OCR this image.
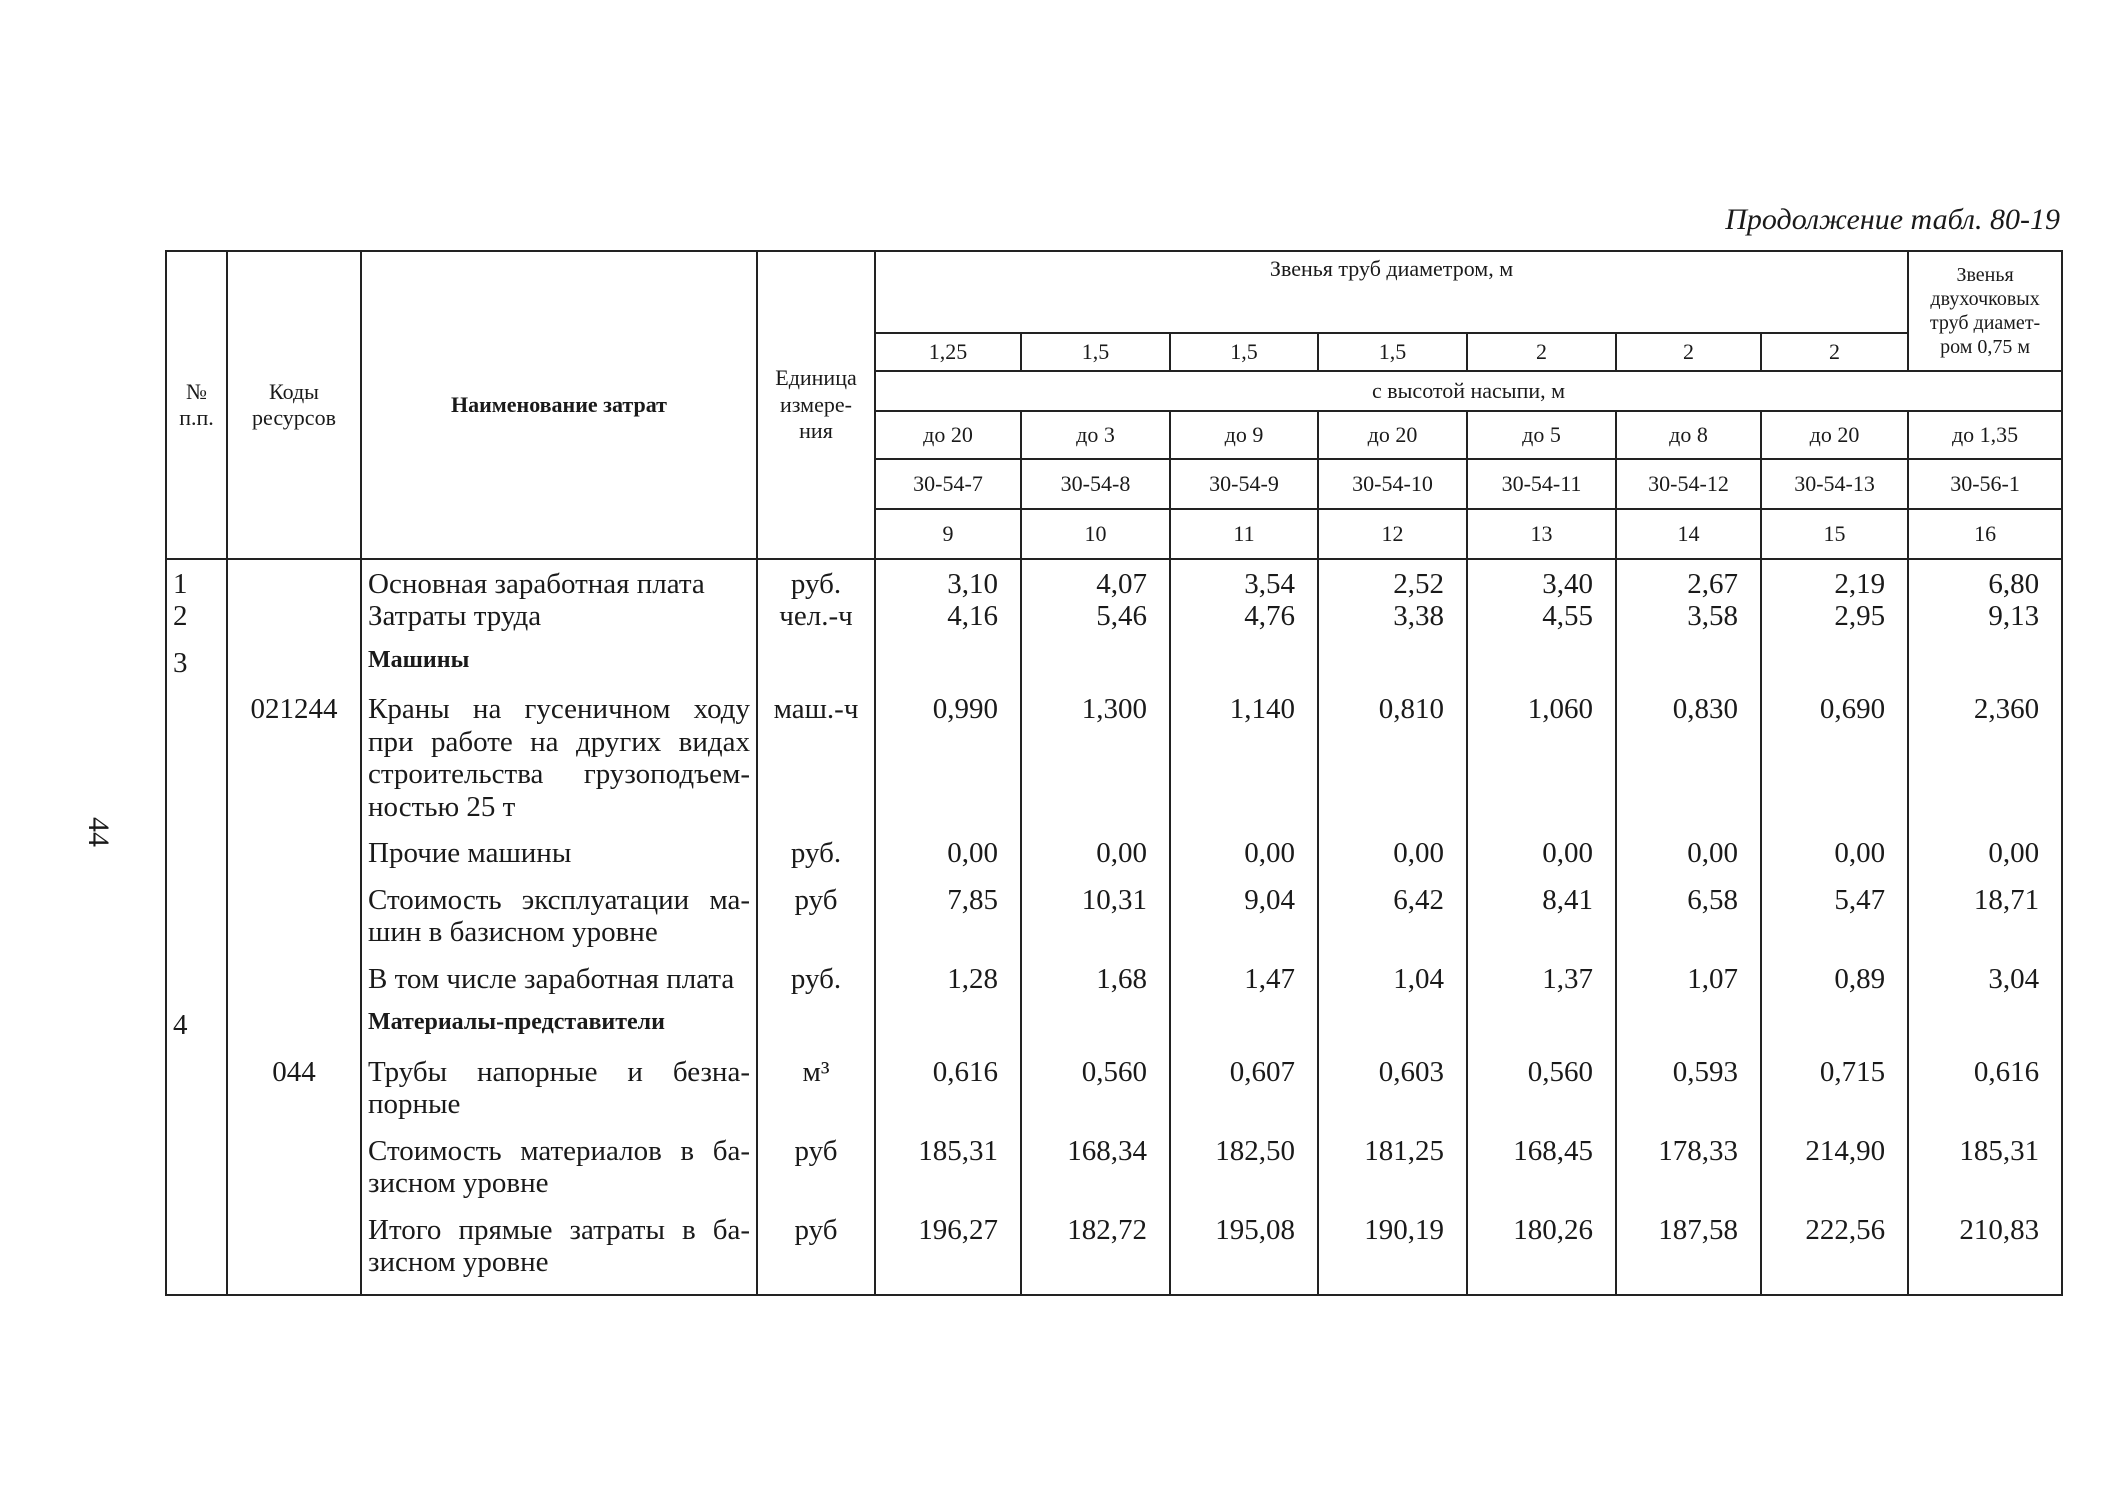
Продолжение табл. 80-19
44
№ п.п.	Коды ресурсов	Наименование затрат	Единица измере-ния	Звенья труб диаметром, м							Звенья двухочковых труб диамет-ром 0,75 м
				1,25	1,5	1,5	1,5	2	2	2	
				с высотой насыпи, м							
				до 20	до 3	до 9	до 20	до 5	до 8	до 20	до 1,35
				30-54-7	30-54-8	30-54-9	30-54-10	30-54-11	30-54-12	30-54-13	30-56-1
				9	10	11	12	13	14	15	16
1		Основная заработная плата	руб.	3,10	4,07	3,54	2,52	3,40	2,67	2,19	6,80
2		Затраты труда	чел.-ч	4,16	5,46	4,76	3,38	4,55	3,58	2,95	9,13
3		Машины									
	021244	Краны на гусеничном ходу при работе на других видах строительства грузоподъем-ностью 25 т	маш.-ч	0,990	1,300	1,140	0,810	1,060	0,830	0,690	2,360
		Прочие машины	руб.	0,00	0,00	0,00	0,00	0,00	0,00	0,00	0,00
		Стоимость эксплуатации ма-шин в базисном уровне	руб	7,85	10,31	9,04	6,42	8,41	6,58	5,47	18,71
		В том числе заработная плата	руб.	1,28	1,68	1,47	1,04	1,37	1,07	0,89	3,04
4		Материалы-представители									
	044	Трубы напорные и безна-порные	м³	0,616	0,560	0,607	0,603	0,560	0,593	0,715	0,616
		Стоимость материалов в ба-зисном уровне	руб	185,31	168,34	182,50	181,25	168,45	178,33	214,90	185,31
		Итого прямые затраты в ба-зисном уровне	руб	196,27	182,72	195,08	190,19	180,26	187,58	222,56	210,83
